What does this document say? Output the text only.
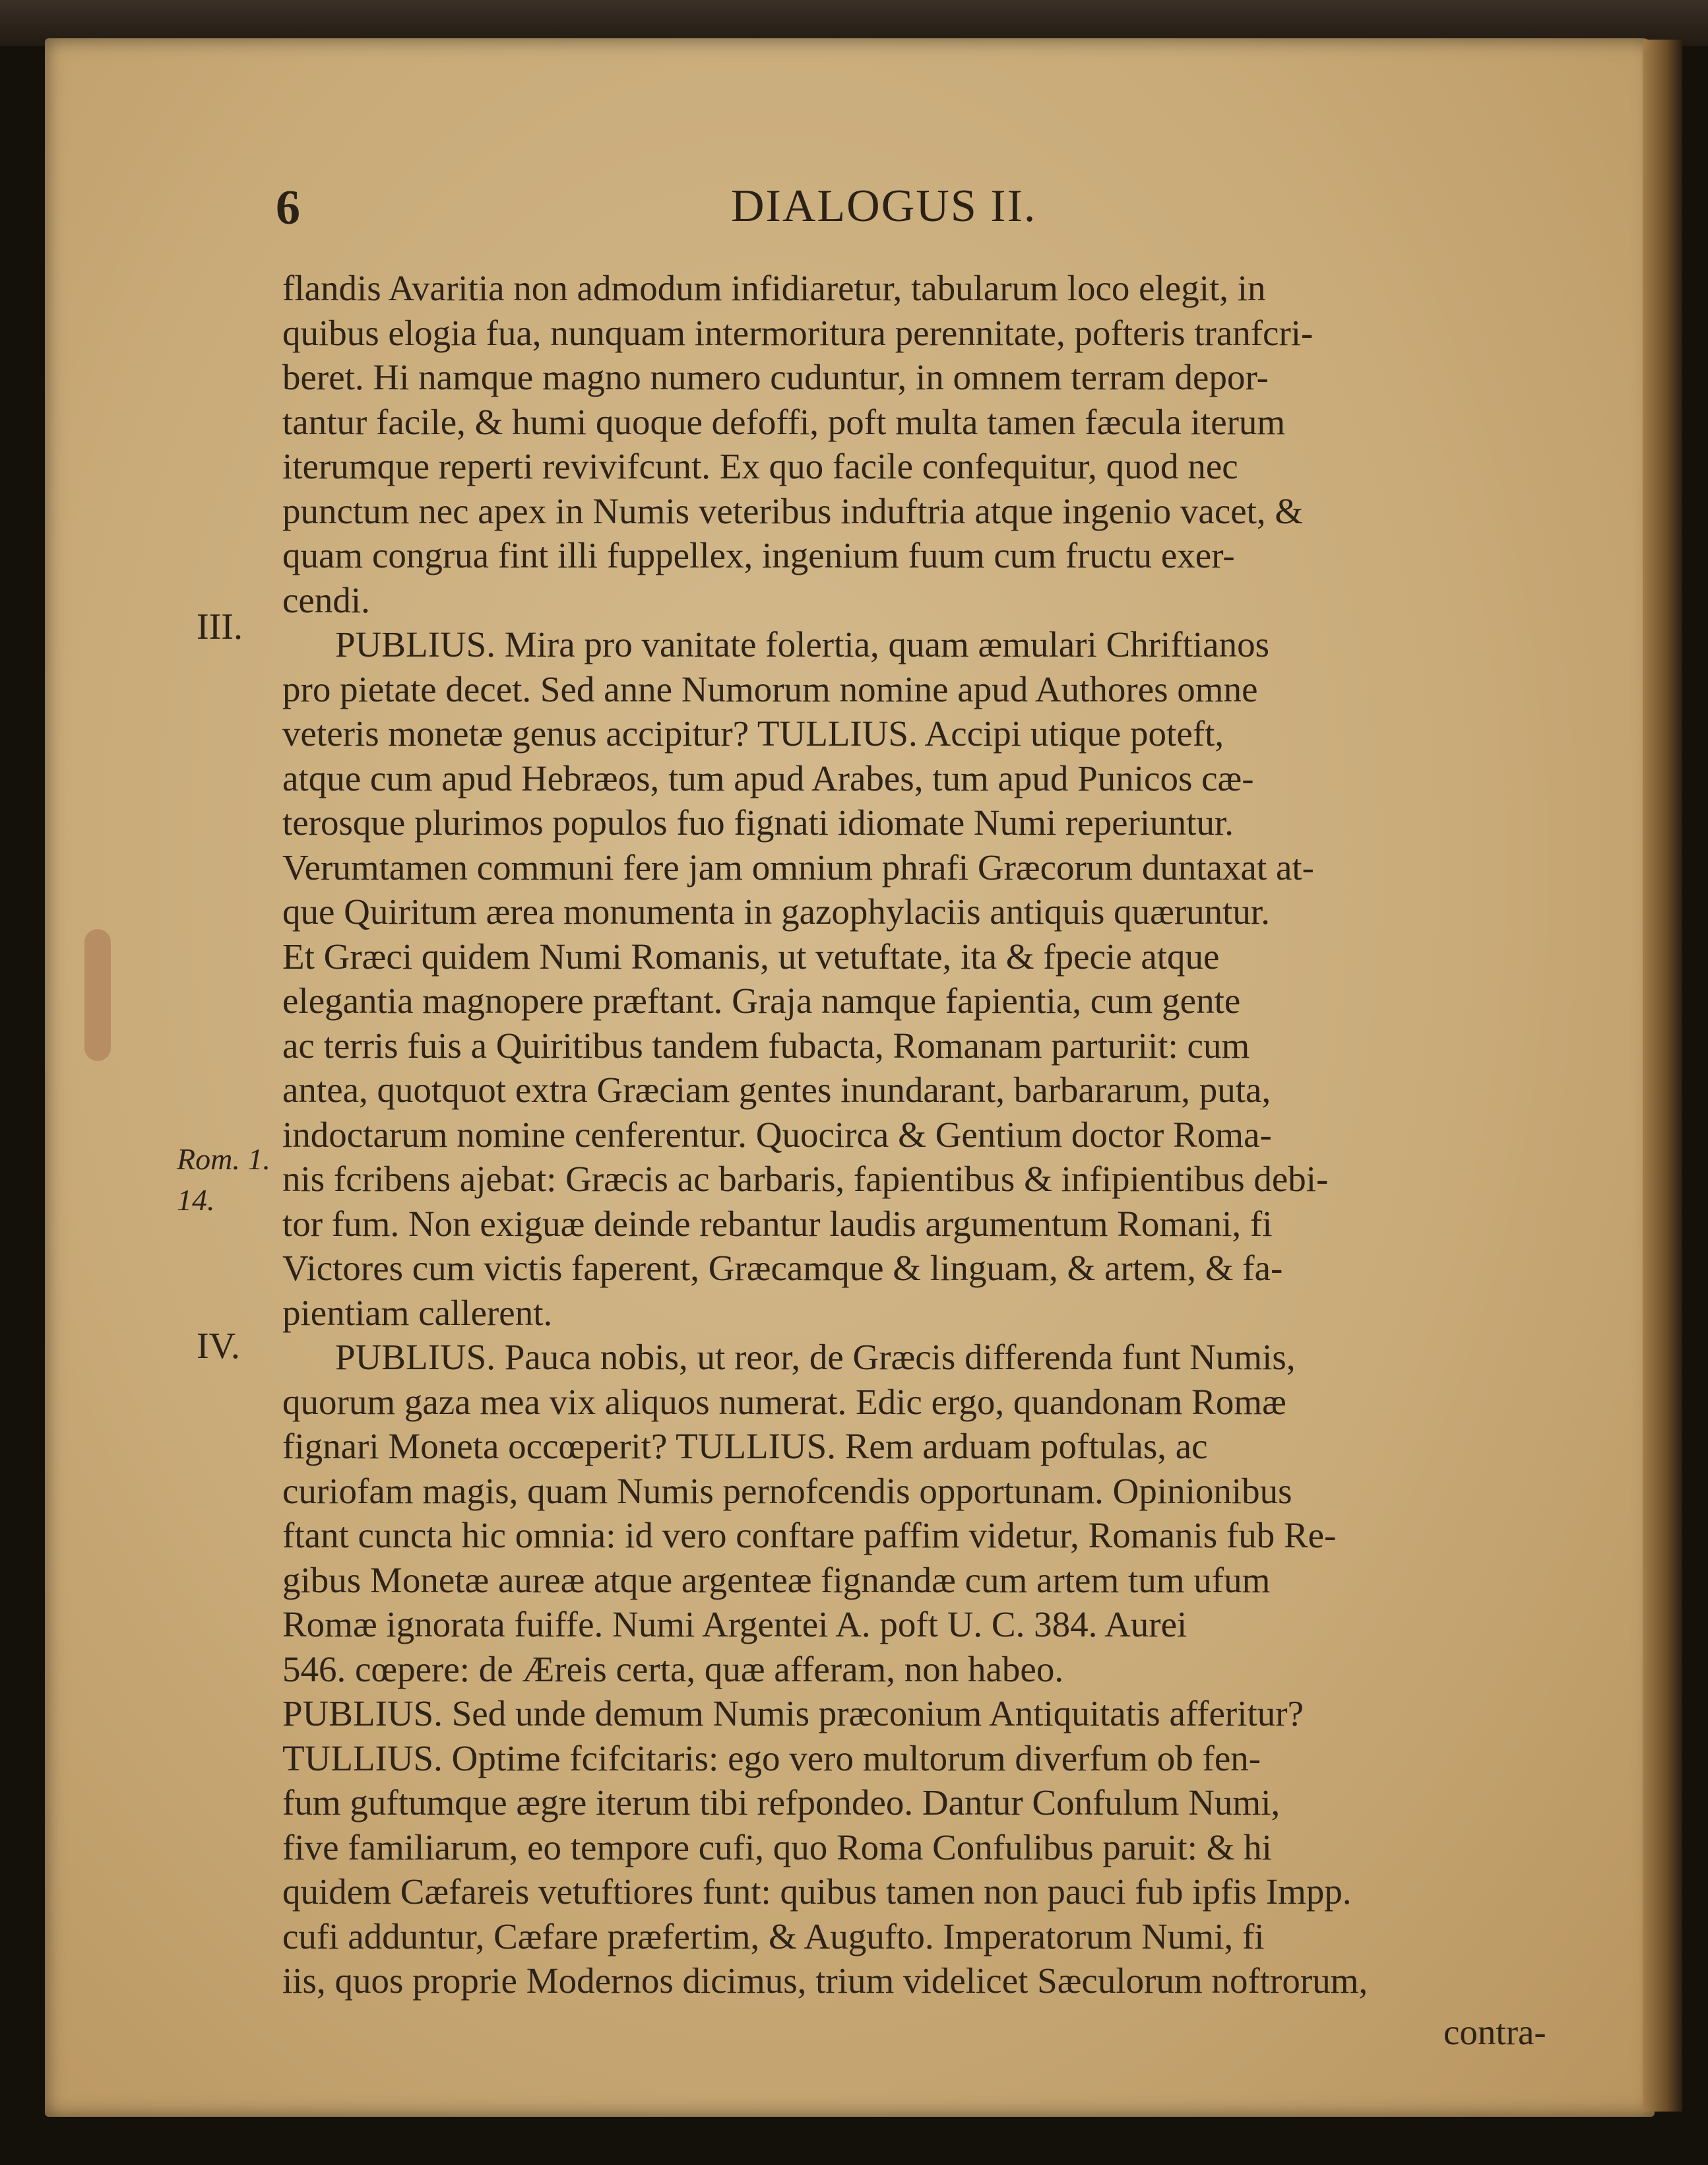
6	DIALOGUS II.
III.
IV.
Rom. 1.
14.
flandis Avaritia non admodum infidiaretur, tabularum loco elegit, in
quibus elogia fua, nunquam intermoritura perennitate, pofteris tranfcri-
beret. Hi namque magno numero cuduntur, in omnem terram depor-
tantur facile, & humi quoque defoffi, poft multa tamen fæcula iterum
iterumque reperti revivifcunt. Ex quo facile confequitur, quod nec
punctum nec apex in Numis veteribus induftria atque ingenio vacet, &
quam congrua fint illi fuppellex, ingenium fuum cum fructu exer-
cendi.
PUBLIUS. Mira pro vanitate folertia, quam æmulari Chriftianos
pro pietate decet. Sed anne Numorum nomine apud Authores omne
veteris monetæ genus accipitur? TULLIUS. Accipi utique poteft,
atque cum apud Hebræos, tum apud Arabes, tum apud Punicos cæ-
terosque plurimos populos fuo fignati idiomate Numi reperiuntur.
Verumtamen communi fere jam omnium phrafi Græcorum duntaxat at-
que Quiritum ærea monumenta in gazophylaciis antiquis quæruntur.
Et Græci quidem Numi Romanis, ut vetuftate, ita & fpecie atque
elegantia magnopere præftant. Graja namque fapientia, cum gente
ac terris fuis a Quiritibus tandem fubacta, Romanam parturiit: cum
antea, quotquot extra Græciam gentes inundarant, barbararum, puta,
indoctarum nomine cenferentur. Quocirca & Gentium doctor Roma-
nis fcribens ajebat: Græcis ac barbaris, fapientibus & infipientibus debi-
tor fum. Non exiguæ deinde rebantur laudis argumentum Romani, fi
Victores cum victis faperent, Græcamque & linguam, & artem, & fa-
pientiam callerent.
PUBLIUS. Pauca nobis, ut reor, de Græcis differenda funt Numis,
quorum gaza mea vix aliquos numerat. Edic ergo, quandonam Romæ
fignari Moneta occœperit? TULLIUS. Rem arduam poftulas, ac
curiofam magis, quam Numis pernofcendis opportunam. Opinionibus
ftant cuncta hic omnia: id vero conftare paffim videtur, Romanis fub Re-
gibus Monetæ aureæ atque argenteæ fignandæ cum artem tum ufum
Romæ ignorata fuiffe. Numi Argentei A. poft U. C. 384. Aurei
546. cœpere: de Æreis certa, quæ afferam, non habeo.
PUBLIUS. Sed unde demum Numis præconium Antiquitatis afferitur?
TULLIUS. Optime fcifcitaris: ego vero multorum diverfum ob fen-
fum guftumque ægre iterum tibi refpondeo. Dantur Confulum Numi,
five familiarum, eo tempore cufi, quo Roma Confulibus paruit: & hi
quidem Cæfareis vetuftiores funt: quibus tamen non pauci fub ipfis Impp.
cufi adduntur, Cæfare præfertim, & Augufto. Imperatorum Numi, fi
iis, quos proprie Modernos dicimus, trium videlicet Sæculorum noftrorum,
contra-
